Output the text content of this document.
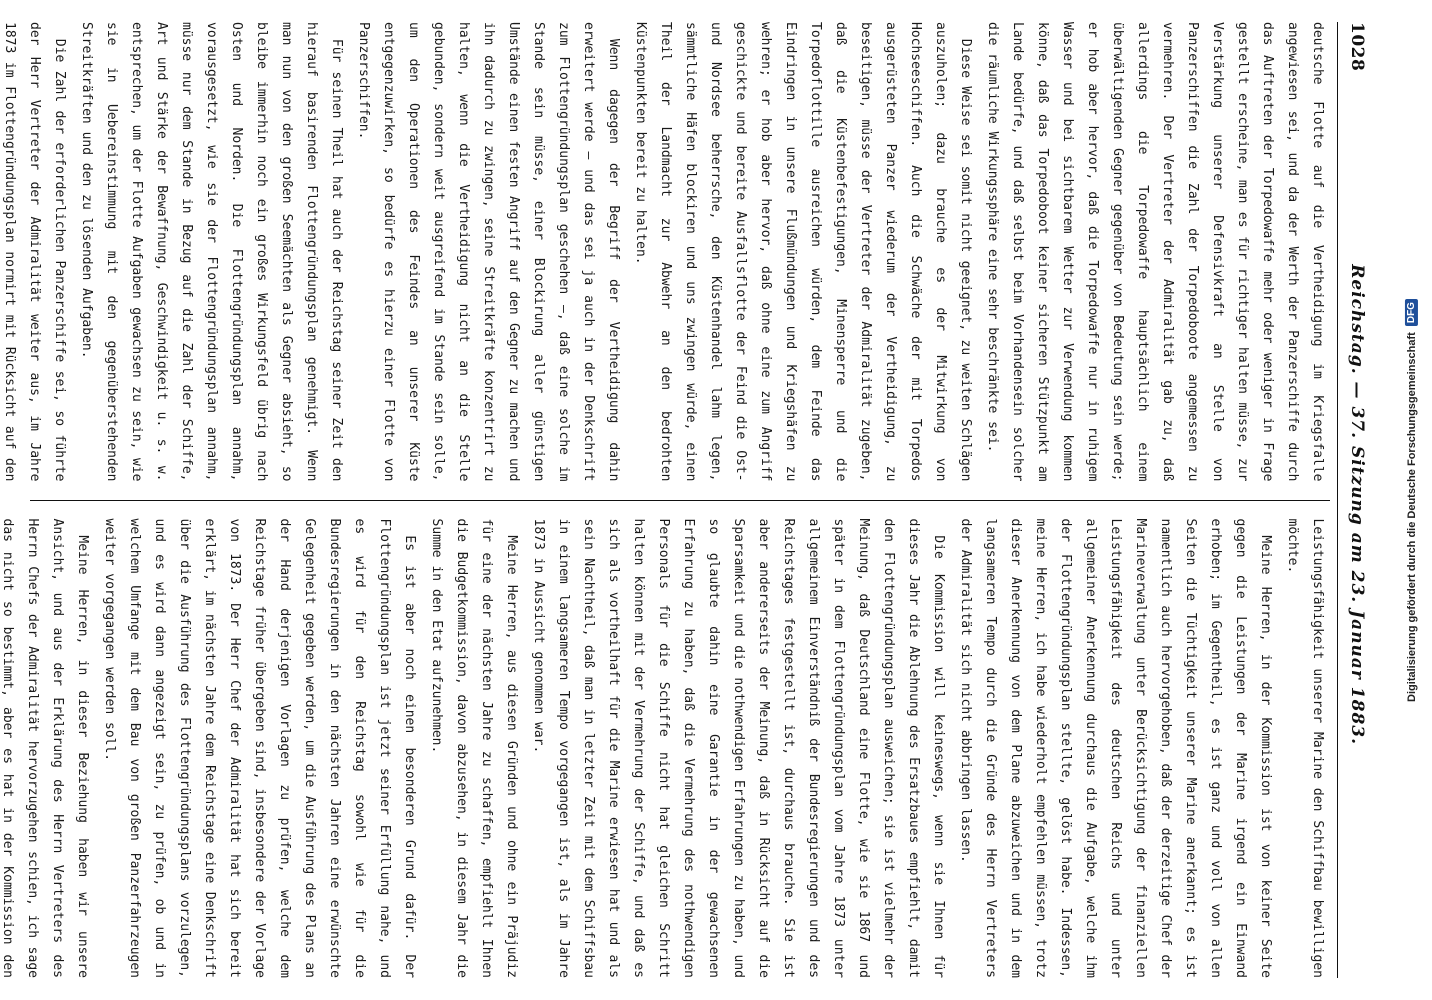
1028
Reichstag. — 37. Sitzung am 23. Januar 1883.

deutsche Flotte auf die Vertheidigung im Kriegsfalle angewiesen sei, und da der Werth der Panzerschiffe durch das Auftreten der Torpedowaffe mehr oder weniger in Frage gestellt erscheine, man es für richtiger halten müsse, zur Verstärkung unserer Defensivkraft an Stelle von Panzerschiffen die Zahl der Torpedoboote angemessen zu vermehren. Der Vertreter der Admiralität gab zu, daß allerdings die Torpedowaffe hauptsächlich einem überwältigenden Gegner gegenüber von Bedeutung sein werde; er hob aber hervor, daß die Torpedowaffe nur in ruhigem Wasser und bei sichtbarem Wetter zur Verwendung kommen könne, daß das Torpedoboot keiner sicheren Stützpunkt am Lande bedürfe, und daß selbst beim Vorhandensein solcher die räumliche Wirkungssphäre eine sehr beschränkte sei.

Diese Weise sei somit nicht geeignet, zu weiten Schlägen auszuholen; dazu brauche es der Mitwirkung von Hochseeschiffen. Auch die Schwäche der mit Torpedos ausgerüsteten Panzer wiederum der Vertheidigung, zu beseitigen, müsse der Vertreter der Admiralität zugeben, daß die Küstenbefestigungen, Minensperre und die Torpedoflottille ausreichen würden, dem Feinde das Eindringen in unsere Flußmündungen und Kriegshäfen zu wehren; er hob aber hervor, daß ohne eine zum Angriff geschickte und bereite Ausfallsflotte der Feind die Ost- und Nordsee beherrsche, den Küstenhandel lahm legen, sämmtliche Häfen blockiren und uns zwingen würde, einen Theil der Landmacht zur Abwehr an den bedrohten Küstenpunkten bereit zu halten.

Wenn dagegen der Begriff der Vertheidigung dahin erweitert werde — und das sei ja auch in der Denkschrift zum Flottengründungsplan geschehen —, daß eine solche im Stande sein müsse, einer Blockirung aller günstigen Umstände einen festen Angriff auf den Gegner zu machen und ihn dadurch zu zwingen, seine Streitkräfte konzentrirt zu halten, wenn die Vertheidigung nicht an die Stelle gebunden, sondern weit ausgreifend im Stande sein solle, um den Operationen des Feindes an unserer Küste entgegenzuwirken, so bedürfe es hierzu einer Flotte von Panzerschiffen.

Für seinen Theil hat auch der Reichstag seiner Zeit den hierauf basirenden Flottengründungsplan genehmigt. Wenn man nun von den großen Seemächten als Gegner absieht, so bleibe immerhin noch ein großes Wirkungsfeld übrig nach Osten und Norden. Die Flottengründungsplan annahm, vorausgesetzt, wie sie der Flottengründungsplan annahm, müsse nur dem Stande in Bezug auf die Zahl der Schiffe, Art und Stärke der Bewaffnung, Geschwindigkeit u. s. w. entsprechen, um der Flotte Aufgaben gewachsen zu sein, wie sie in Uebereinstimmung mit den gegenüberstehenden Streitkräften und den zu lösenden Aufgaben.

Die Zahl der erforderlichen Panzerschiffe sei, so führte der Herr Vertreter der Admiralität weiter aus, im Jahre 1873 im Flottengründungsplan normirt mit Rücksicht auf den

Leistungsfähigkeit unserer Marine den Schiffbau bewilligen möchte.

Meine Herren, in der Kommission ist von keiner Seite gegen die Leistungen der Marine irgend ein Einwand erhoben; im Gegentheil, es ist ganz und voll von allen Seiten die Tüchtigkeit unserer Marine anerkannt; es ist namentlich auch hervorgehoben, daß der derzeitige Chef der Marineverwaltung unter Berücksichtigung der finanziellen Leistungsfähigkeit des deutschen Reichs und unter allgemeiner Anerkennung durchaus die Aufgabe, welche ihm der Flottengründungsplan stellte, gelöst habe. Indessen, meine Herren, ich habe wiederholt empfehlen müssen, trotz dieser Anerkennung von dem Plane abzuweichen und in dem langsameren Tempo durch die Gründe des Herrn Vertreters der Admiralität sich nicht abbringen lassen.

Die Kommission will keineswegs, wenn sie Ihnen für dieses Jahr die Ablehnung des Ersatzbaues empfiehlt, damit den Flottengründungsplan ausweichen; sie ist vielmehr der Meinung, daß Deutschland eine Flotte, wie sie 1867 und später in dem Flottengründungsplan vom Jahre 1873 unter allgemeinem Einverständniß der Bundesregierungen und des Reichstages festgestellt ist, durchaus brauche. Sie ist aber andererseits der Meinung, daß in Rücksicht auf die Sparsamkeit und die nothwendigen Erfahrungen zu haben, und so glaubte dahin eine Garantie in der gewachsenen Erfahrung zu haben, daß die Vermehrung des nothwendigen Personals für die Schiffe nicht hat gleichen Schritt halten können mit der Vermehrung der Schiffe, und daß es sich als vortheilhaft für die Marine erwiesen hat und als sein Nachtheil, daß man in letzter Zeit mit dem Schiffsbau in einem langsameren Tempo vorgegangen ist, als im Jahre 1873 in Aussicht genommen war.

Meine Herren, aus diesen Gründen und ohne ein Präjudiz für eine der nächsten Jahre zu schaffen, empfiehlt Ihnen die Budgetkommission, davon abzusehen, in diesem Jahr die Summe in den Etat aufzunehmen.

Es ist aber noch einen besonderen Grund dafür. Der Flottengründungsplan ist jetzt seiner Erfüllung nahe, und es wird für den Reichstag sowohl wie für die Bundesregierungen in den nächsten Jahren eine erwünschte Gelegenheit gegeben werden, um die Ausführung des Plans an der Hand derjenigen Vorlagen zu prüfen, welche dem Reichstage früher übergeben sind, insbesondere der Vorlage von 1873. Der Herr Chef der Admiralität hat sich bereit erklärt, im nächsten Jahre dem Reichstage eine Denkschrift über die Ausführung des Flottengründungsplans vorzulegen, und es wird dann angezeigt sein, zu prüfen, ob und in welchem Umfange mit dem Bau von großen Panzerfahrzeugen weiter vorgegangen werden soll.

Meine Herren, in dieser Beziehung haben wir unsere Ansicht, und aus der Erklärung des Herrn Vertreters des Herrn Chefs der Admiralität hervorzugehen schien, ich sage das nicht so bestimmt, aber es hat in der Kommission den

Digitalisierung gefördert durch die Deutsche Forschungsgemeinschaft
DFG
